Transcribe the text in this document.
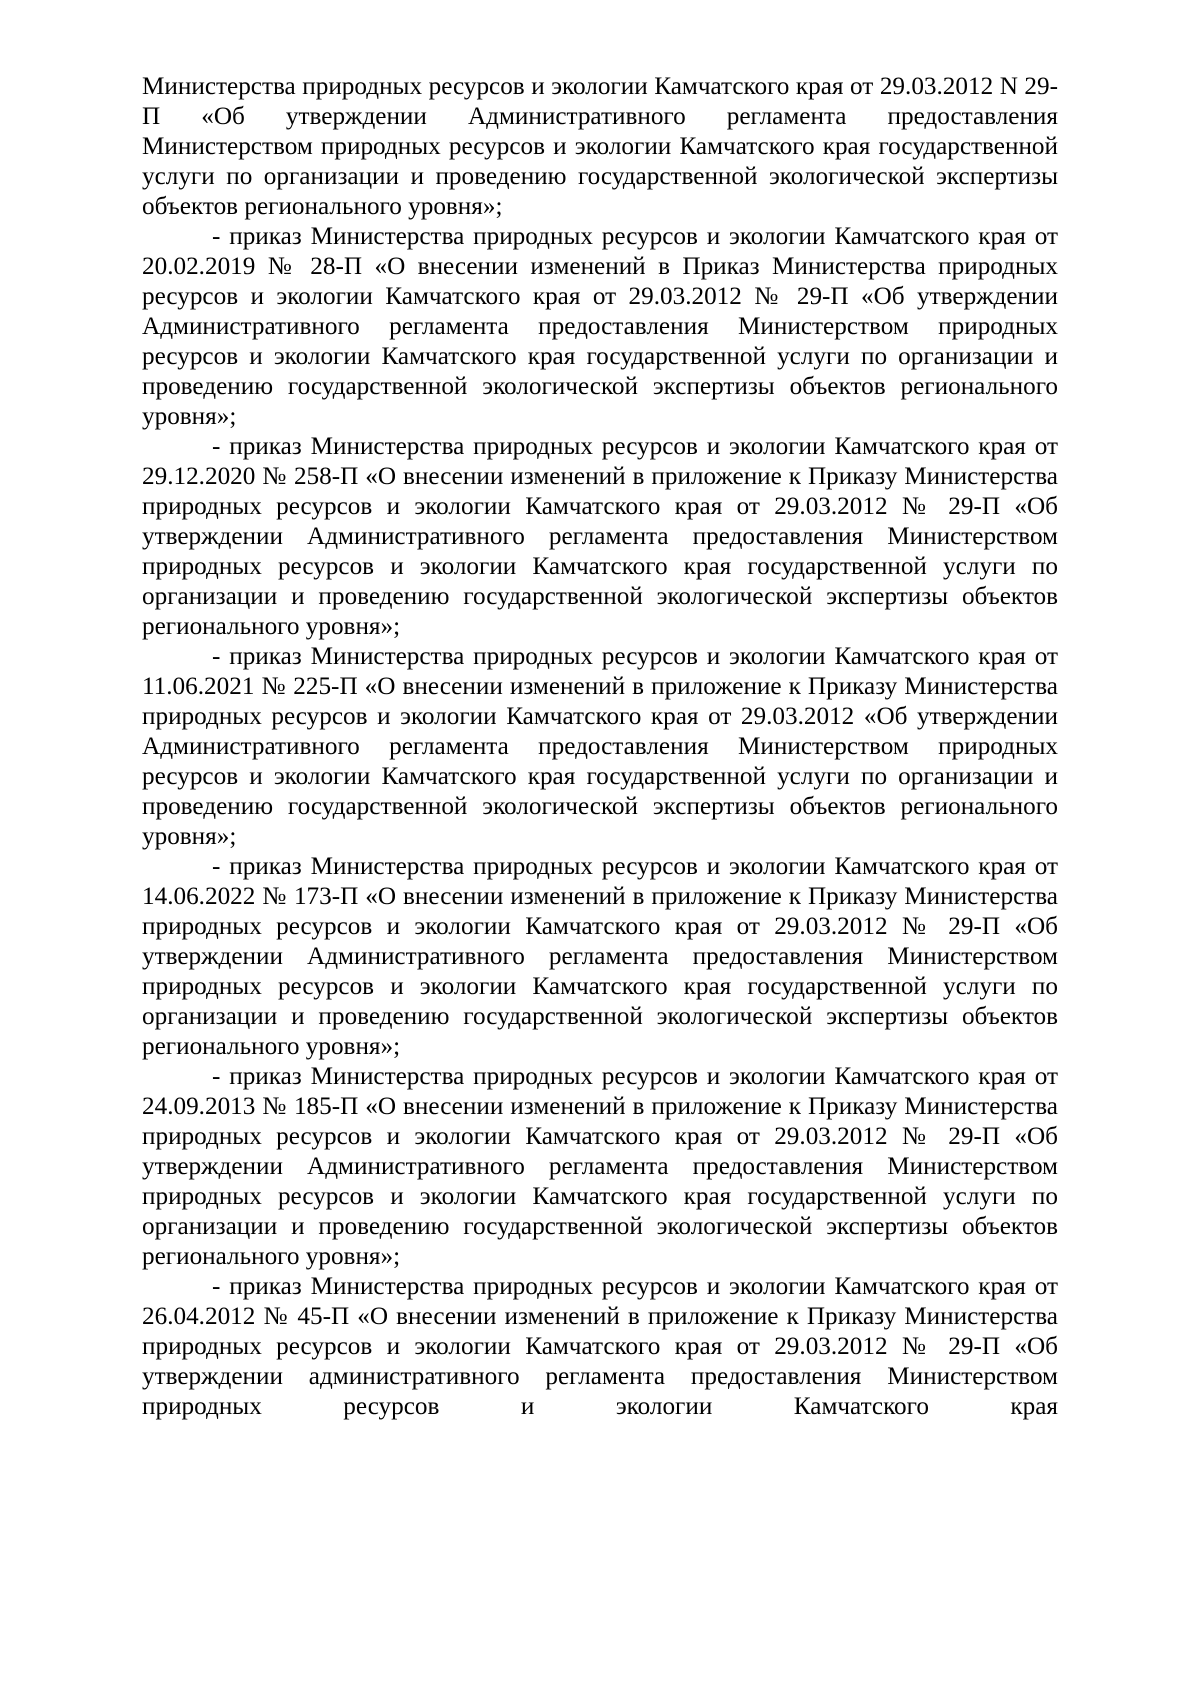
Министерства природных ресурсов и экологии Камчатского края от 29.03.2012 N 29-П «Об утверждении Административного регламента предоставления Министерством природных ресурсов и экологии Камчатского края государственной услуги по организации и проведению государственной экологической экспертизы объектов регионального уровня»;

- приказ Министерства природных ресурсов и экологии Камчатского края от 20.02.2019 № 28-П «О внесении изменений в Приказ Министерства природных ресурсов и экологии Камчатского края от 29.03.2012 № 29-П «Об утверждении Административного регламента предоставления Министерством природных ресурсов и экологии Камчатского края государственной услуги по организации и проведению государственной экологической экспертизы объектов регионального уровня»;

- приказ Министерства природных ресурсов и экологии Камчатского края от 29.12.2020 № 258-П «О внесении изменений в приложение к Приказу Министерства природных ресурсов и экологии Камчатского края от 29.03.2012 № 29-П «Об утверждении Административного регламента предоставления Министерством природных ресурсов и экологии Камчатского края государственной услуги по организации и проведению государственной экологической экспертизы объектов регионального уровня»;

- приказ Министерства природных ресурсов и экологии Камчатского края от 11.06.2021 № 225-П «О внесении изменений в приложение к Приказу Министерства природных ресурсов и экологии Камчатского края от 29.03.2012 «Об утверждении Административного регламента предоставления Министерством природных ресурсов и экологии Камчатского края государственной услуги по организации и проведению государственной экологической экспертизы объектов регионального уровня»;

- приказ Министерства природных ресурсов и экологии Камчатского края от 14.06.2022 № 173-П «О внесении изменений в приложение к Приказу Министерства природных ресурсов и экологии Камчатского края от 29.03.2012 № 29-П «Об утверждении Административного регламента предоставления Министерством природных ресурсов и экологии Камчатского края государственной услуги по организации и проведению государственной экологической экспертизы объектов регионального уровня»;

- приказ Министерства природных ресурсов и экологии Камчатского края от 24.09.2013 № 185-П «О внесении изменений в приложение к Приказу Министерства природных ресурсов и экологии Камчатского края от 29.03.2012 № 29-П «Об утверждении Административного регламента предоставления Министерством природных ресурсов и экологии Камчатского края государственной услуги по организации и проведению государственной экологической экспертизы объектов регионального уровня»;

- приказ Министерства природных ресурсов и экологии Камчатского края от 26.04.2012 № 45-П «О внесении изменений в приложение к Приказу Министерства природных ресурсов и экологии Камчатского края от 29.03.2012 № 29-П «Об утверждении административного регламента предоставления Министерством природных ресурсов и экологии Камчатского края
